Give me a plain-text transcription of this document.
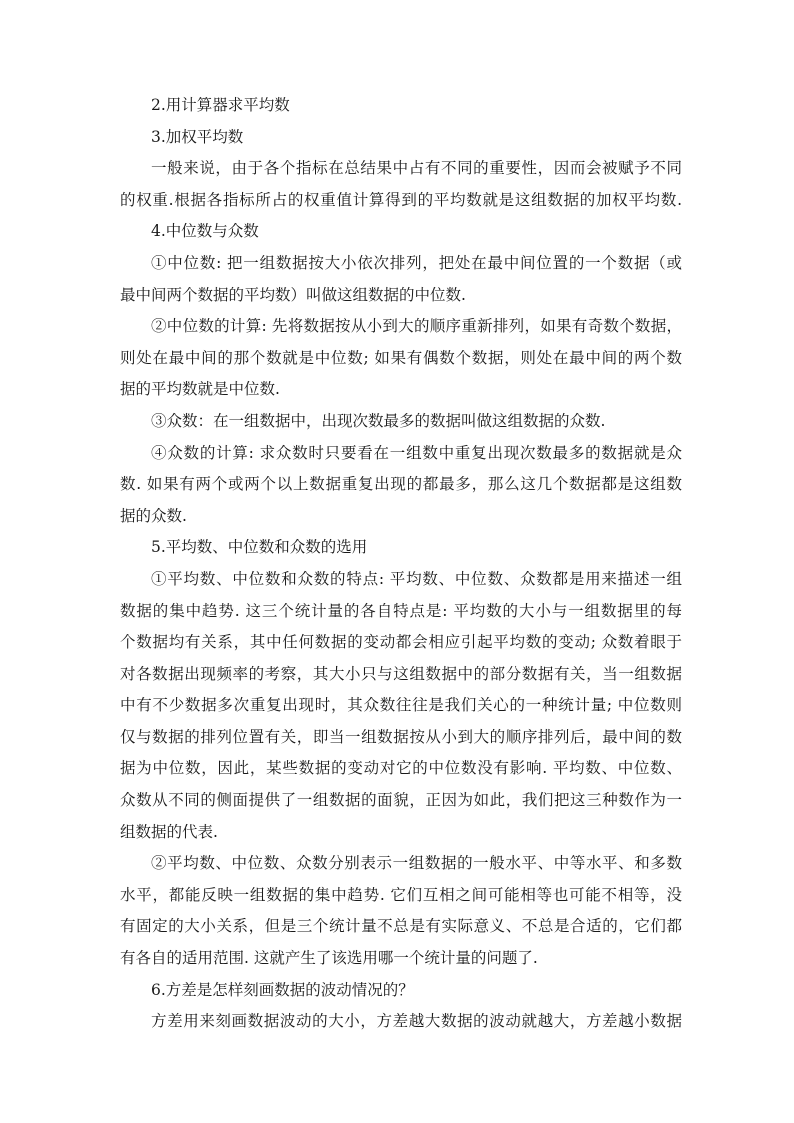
2.用计算器求平均数

3.加权平均数

一般来说，由于各个指标在总结果中占有不同的重要性，因而会被赋予不同

的权重.根据各指标所占的权重值计算得到的平均数就是这组数据的加权平均数.

4.中位数与众数

①中位数: 把一组数据按大小依次排列，把处在最中间位置的一个数据（或

最中间两个数据的平均数）叫做这组数据的中位数.

②中位数的计算: 先将数据按从小到大的顺序重新排列，如果有奇数个数据，

则处在最中间的那个数就是中位数; 如果有偶数个数据，则处在最中间的两个数

据的平均数就是中位数.

③众数：在一组数据中，出现次数最多的数据叫做这组数据的众数.

④众数的计算: 求众数时只要看在一组数中重复出现次数最多的数据就是众

数. 如果有两个或两个以上数据重复出现的都最多，那么这几个数据都是这组数

据的众数.

5.平均数、中位数和众数的选用

①平均数、中位数和众数的特点: 平均数、中位数、众数都是用来描述一组

数据的集中趋势. 这三个统计量的各自特点是: 平均数的大小与一组数据里的每

个数据均有关系，其中任何数据的变动都会相应引起平均数的变动; 众数着眼于

对各数据出现频率的考察，其大小只与这组数据中的部分数据有关，当一组数据

中有不少数据多次重复出现时，其众数往往是我们关心的一种统计量; 中位数则

仅与数据的排列位置有关，即当一组数据按从小到大的顺序排列后，最中间的数

据为中位数，因此，某些数据的变动对它的中位数没有影响. 平均数、中位数、

众数从不同的侧面提供了一组数据的面貌，正因为如此，我们把这三种数作为一

组数据的代表.

②平均数、中位数、众数分别表示一组数据的一般水平、中等水平、和多数

水平，都能反映一组数据的集中趋势. 它们互相之间可能相等也可能不相等，没

有固定的大小关系，但是三个统计量不总是有实际意义、不总是合适的，它们都

有各自的适用范围. 这就产生了该选用哪一个统计量的问题了.

6.方差是怎样刻画数据的波动情况的？

方差用来刻画数据波动的大小，方差越大数据的波动就越大，方差越小数据
